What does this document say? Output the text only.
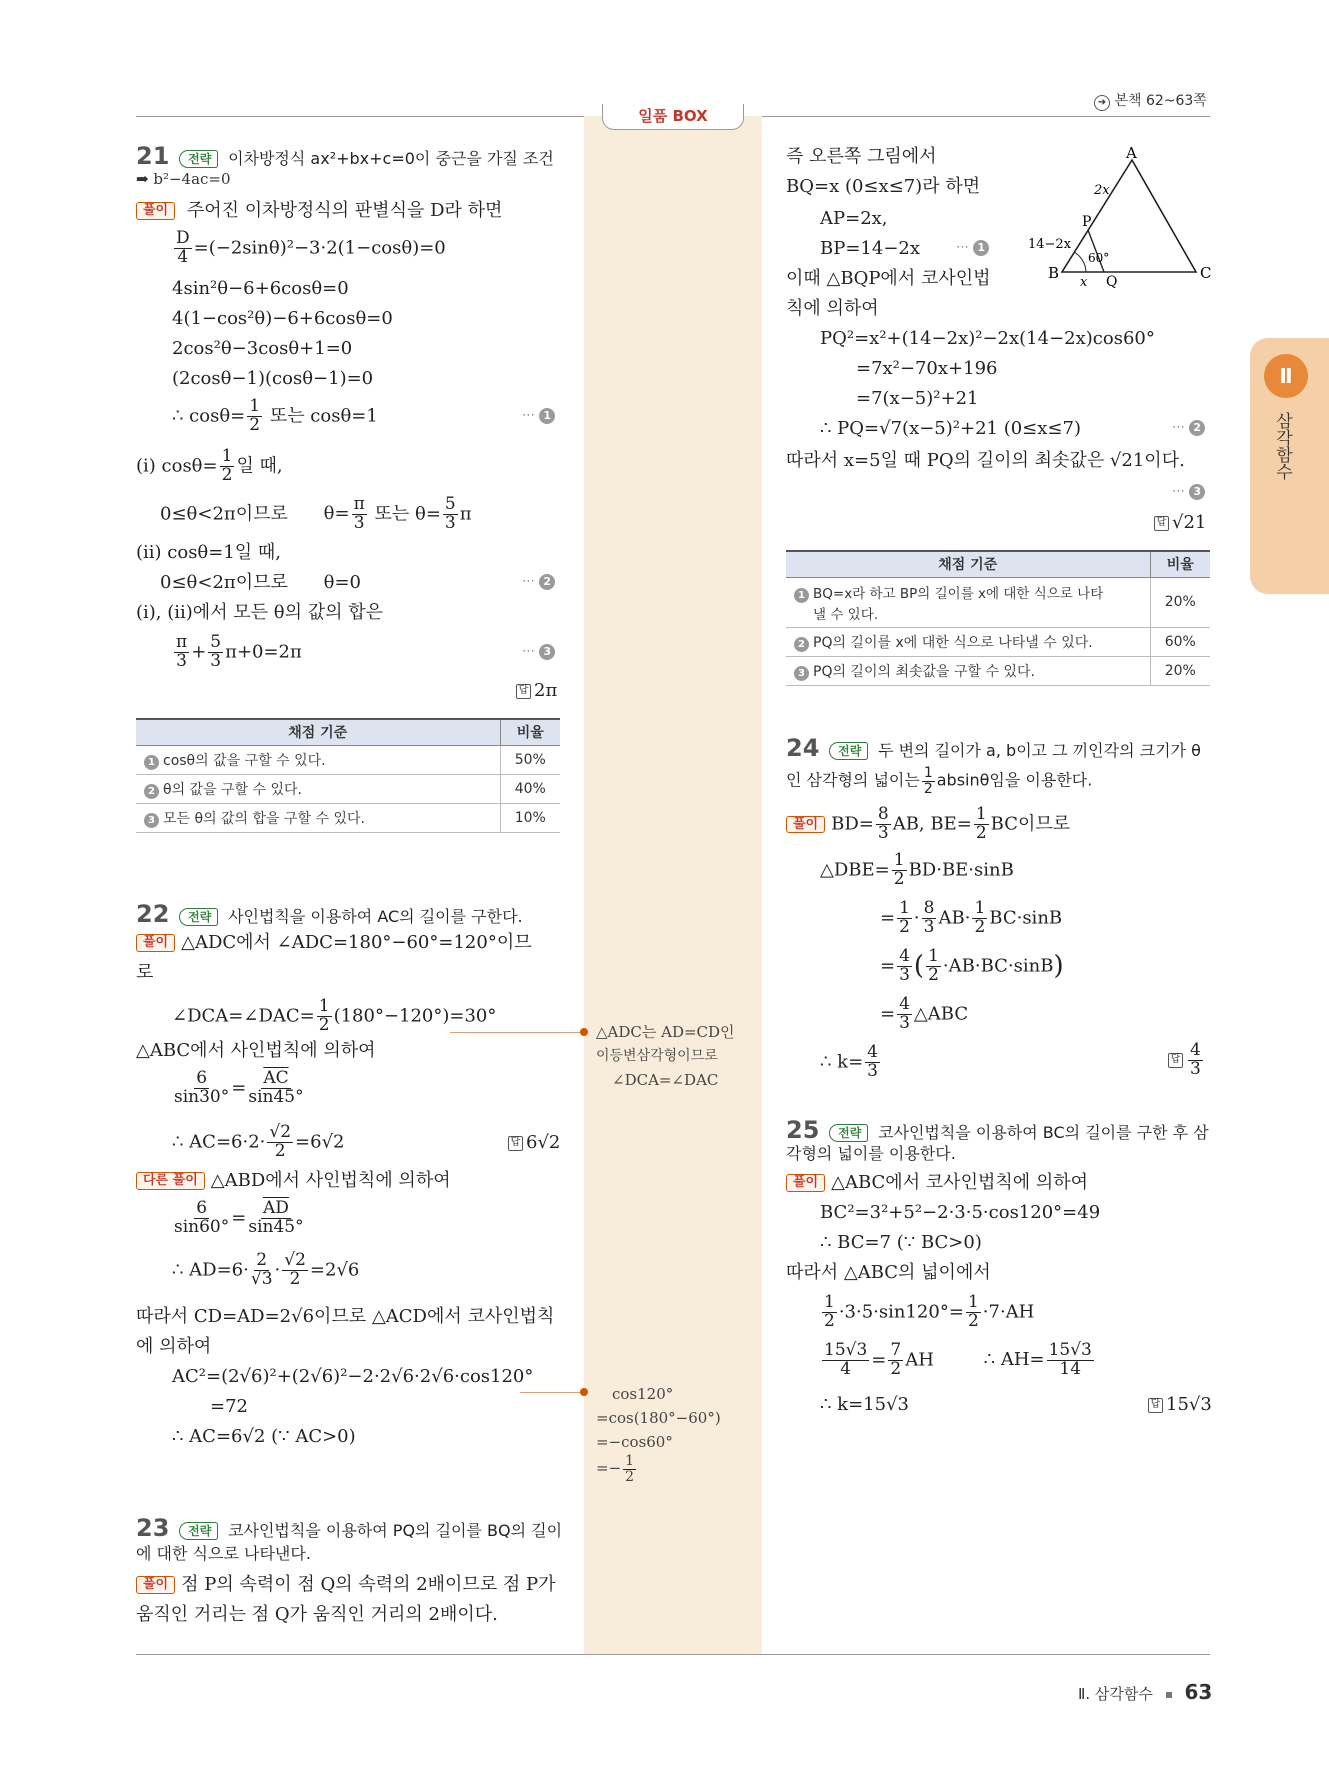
➔ 본책 62~63쪽
일품 BOX
Ⅱ
삼각함수
21 전략 이차방정식 ax²+bx+c=0이 중근을 가질 조건
➡ b²−4ac=0
풀이 주어진 이차방정식의 판별식을 D라 하면
$\frac{D}{4} =(-2\sin\theta)^2-3\cdot 2(1-\cos\theta)=0$
4sin²θ−6+6cosθ=0
4(1−cos²θ)−6+6cosθ=0
2cos²θ−3cosθ+1=0
(2cosθ−1)(cosθ−1)=0
∴ $\cos\theta= \frac{1}{2}$ 또는 cosθ=1	⋯ 1
(i) $\cos\theta= \frac{1}{2}$ 일 때,
0≤θ<2π이므로 $\theta= \frac{\pi}{3}$ 또는 $\theta= \frac{5}{3}$ π
(ii) cosθ=1일 때,
0≤θ<2π이므로 θ=0	⋯ 2
(i), (ii)에서 모든 θ의 값의 합은
$\frac{\pi}{3} + \frac{5}{3} \pi+0=2\pi$	⋯ 3
답 2π
채점 기준	비율
1 cosθ의 값을 구할 수 있다.	50%
2 θ의 값을 구할 수 있다.	40%
3 모든 θ의 값의 합을 구할 수 있다.	10%
22 전략 사인법칙을 이용하여 AC의 길이를 구한다.
풀이 △ADC에서 ∠ADC=180°−60°=120°이므
로
∠DCA=∠DAC= $\frac{1}{2} (180^\circ-120^\circ)=30^\circ$
△ABC에서 사인법칙에 의하여
$\frac{6}{\sin 30^\circ} = \frac{\overline{AC}}{\sin 45^\circ}$
∴ $AC=6\cdot 2\cdot \frac{√2}{2} =6√2$	답 6√2
다른 풀이 △ABD에서 사인법칙에 의하여
$\frac{6}{\sin 60^\circ} = \frac{\overline{AD}}{\sin 45^\circ}$
∴ $AD=6\cdot \frac{2}{√3} \cdot \frac{√2}{2} =2√6$
따라서 CD=AD=2√6이므로 △ACD에서 코사인법칙
에 의하여
AC²=(2√6)²+(2√6)²−2·2√6·2√6·cos120°
=72
∴ AC=6√2 (∵ AC>0)
△ADC는 AD=CD인
이등변삼각형이므로
∠DCA=∠DAC
cos120°
=cos(180°−60°)
=−cos60°
=− $\frac{1}{2}$
23 전략 코사인법칙을 이용하여 PQ의 길이를 BQ의 길이
에 대한 식으로 나타낸다.
풀이 점 P의 속력이 점 Q의 속력의 2배이므로 점 P가
움직인 거리는 점 Q가 움직인 거리의 2배이다.
즉 오른쪽 그림에서
BQ=x (0≤x≤7)라 하면
AP=2x,
BP=14−2x	⋯ 1
이때 △BQP에서 코사인법
칙에 의하여
A
B	C
P
Q
2x
14−2x
x
60°
PQ²=x²+(14−2x)²−2x(14−2x)cos60°
=7x²−70x+196
=7(x−5)²+21
∴ PQ=√7(x−5)²+21 (0≤x≤7)	⋯ 2
따라서 x=5일 때 PQ의 길이의 최솟값은 √21이다.
⋯ 3
답 √21
채점 기준	비율
1 BQ=x라 하고 BP의 길이를 x에 대한 식으로 나타
낼 수 있다.	20%
2 PQ의 길이를 x에 대한 식으로 나타낼 수 있다.	60%
3 PQ의 길이의 최솟값을 구할 수 있다.	20%
24 전략 두 변의 길이가 a, b이고 그 끼인각의 크기가 θ
인 삼각형의 넓이는 $\frac{1}{2}$ absinθ임을 이용한다.
풀이 $BD= \frac{8}{3}$ AB, $BE= \frac{1}{2}$ BC이므로
△DBE= $\frac{1}{2} BD\cdot BE\cdot\sin B$
= $\frac{1}{2} \cdot \frac{8}{3} AB\cdot \frac{1}{2} BC\cdot\sin B$
= $\frac{4}{3}$ ( $\frac{1}{2} \cdot AB\cdot BC\cdot\sin B$)
= $\frac{4}{3}$ △ABC
∴ $k= \frac{4}{3}$	답 $\frac{4}{3}$
25 전략 코사인법칙을 이용하여 BC의 길이를 구한 후 삼
각형의 넓이를 이용한다.
풀이 △ABC에서 코사인법칙에 의하여
BC²=3²+5²−2·3·5·cos120°=49
∴ BC=7 (∵ BC>0)
따라서 △ABC의 넓이에서
$\frac{1}{2} \cdot 3\cdot 5\cdot\sin 120^\circ= \frac{1}{2} \cdot 7\cdot AH$
$\frac{15√3}{4} = \frac{7}{2}$ AH	∴ $AH= \frac{15√3}{14}$
∴ k=15√3	답 15√3
Ⅱ. 삼각함수 63
